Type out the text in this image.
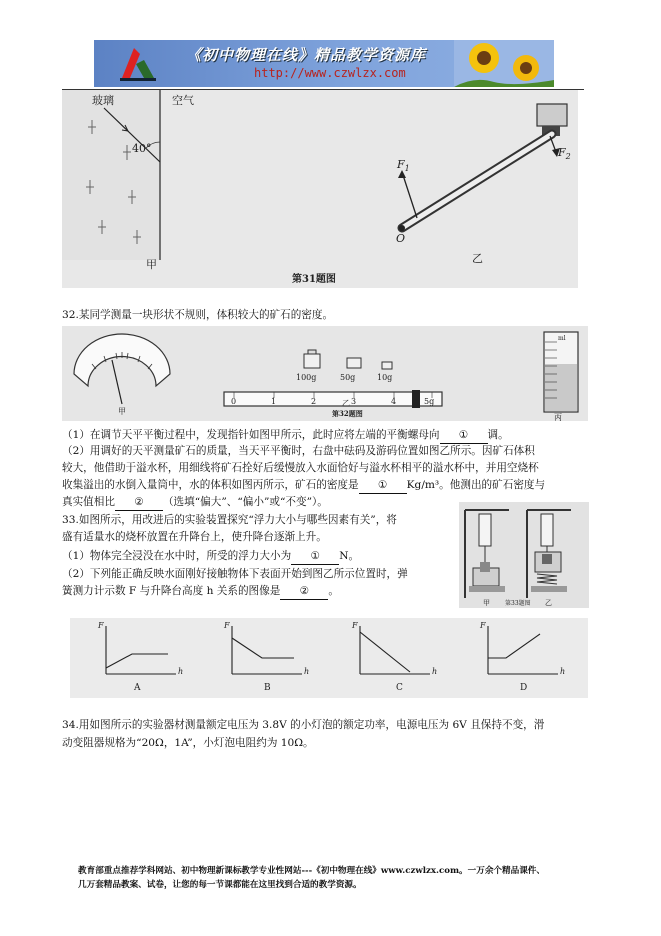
《初中物理在线》精品教学资源库
http://www.czwlzx.com
玻璃	空气
40°
甲
$F_1$
$F_2$
O
乙
第31题图
32.某同学测量一块形状不规则，体积较大的矿石的密度。
甲
100g	50g	10g
0	1	2	3	4	5g
第32题图
乙
ml
丙
（1）在调节天平平衡过程中，发现指针如图甲所示，此时应将左端的平衡螺母向 ① 调。
（2）用调好的天平测量矿石的质量，当天平平衡时，右盘中砝码及游码位置如图乙所示。因矿石体积
较大，他借助于溢水杯，用细线将矿石拴好后缓慢放入水面恰好与溢水杯相平的溢水杯中，并用空烧杯
收集溢出的水倒入量筒中，水的体积如图丙所示，矿石的密度是 ① Kg/m³。他测出的矿石密度与
真实值相比 ② （选填“偏大”、“偏小”或“不变”）。
33.如图所示，用改进后的实验装置探究“浮力大小与哪些因素有关”，将
盛有适量水的烧杯放置在升降台上，使升降台逐渐上升。
（1）物体完全浸没在水中时，所受的浮力大小为 ① N。
（2）下列能正确反映水面刚好接触物体下表面开始到图乙所示位置时，弹
簧测力计示数 F 与升降台高度 h 关系的图像是 ② 。
甲	乙
第33题图
F
h
F
h
F
h
F
h
A	B	C	D
34.用如图所示的实验器材测量额定电压为 3.8V 的小灯泡的额定功率，电源电压为 6V 且保持不变，滑
动变阻器规格为“20Ω，1A”，小灯泡电阻约为 10Ω。
教育部重点推荐学科网站、初中物理新课标教学专业性网站---《初中物理在线》www.czwlzx.com。一万余个精品课件、
几万套精品教案、试卷，让您的每一节课都能在这里找到合适的教学资源。
